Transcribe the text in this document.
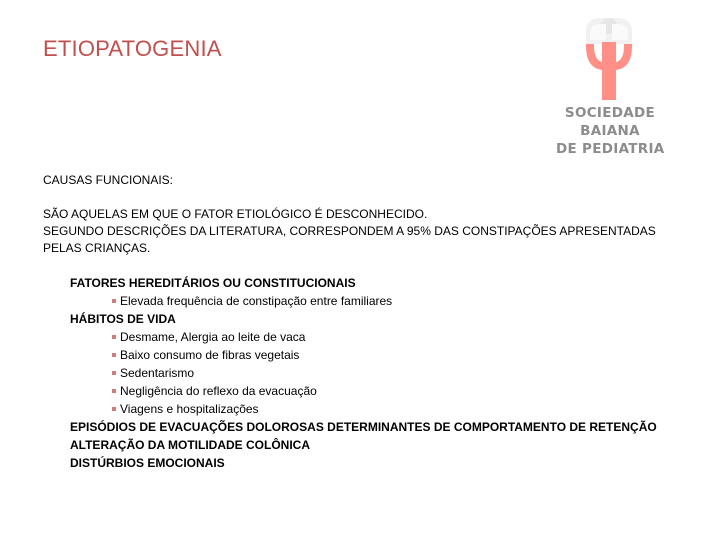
ETIOPATOGENIA
SOCIEDADE
BAIANA
DE PEDIATRIA
CAUSAS FUNCIONAIS:
SÃO AQUELAS EM QUE O FATOR ETIOLÓGICO É DESCONHECIDO.
SEGUNDO DESCRIÇÕES DA LITERATURA, CORRESPONDEM A 95% DAS CONSTIPAÇÕES APRESENTADAS
PELAS CRIANÇAS.
FATORES HEREDITÁRIOS OU CONSTITUCIONAIS
Elevada frequência de constipação entre familiares
HÁBITOS DE VIDA
Desmame, Alergia ao leite de vaca
Baixo consumo de fibras vegetais
Sedentarismo
Negligência do reflexo da evacuação
Viagens e hospitalizações
EPISÓDIOS DE EVACUAÇÕES DOLOROSAS DETERMINANTES DE COMPORTAMENTO DE RETENÇÃO
ALTERAÇÃO DA MOTILIDADE COLÔNICA
DISTÚRBIOS EMOCIONAIS
